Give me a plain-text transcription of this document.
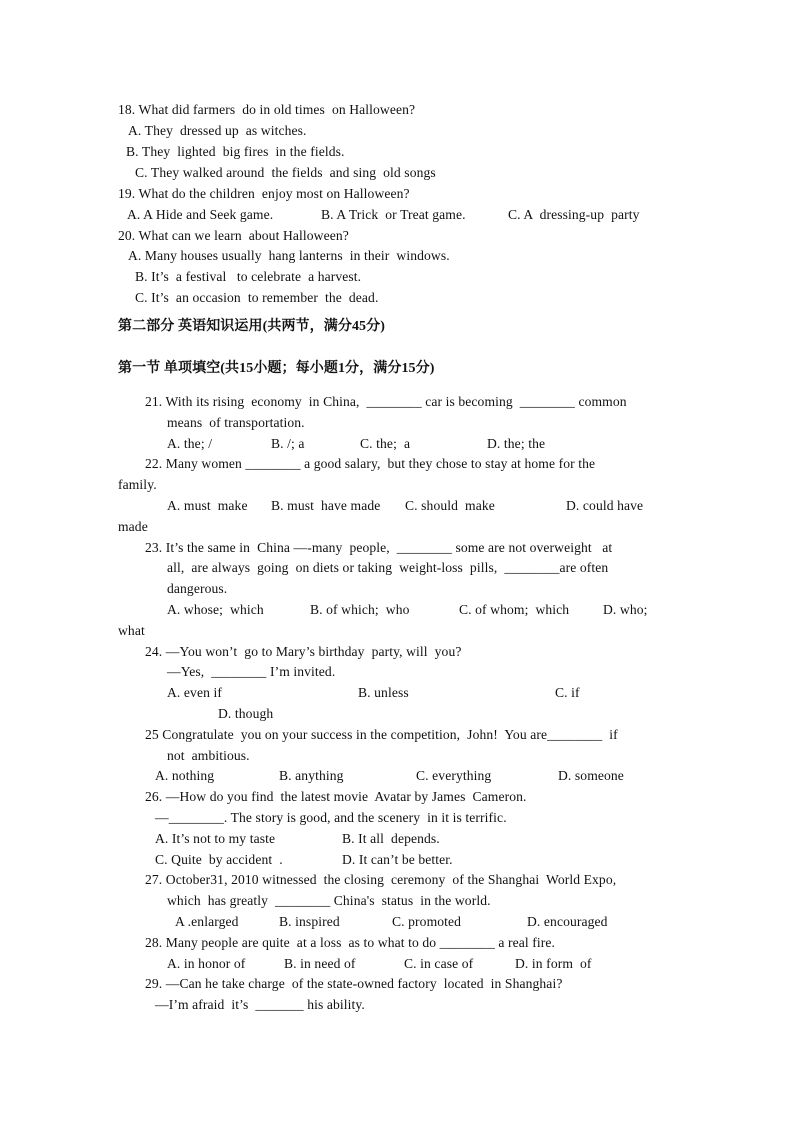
18. What did farmers  do in old times  on Halloween?
A. They  dressed up  as witches.
B. They  lighted  big fires  in the fields.
C. They walked around  the fields  and sing  old songs
19. What do the children  enjoy most on Halloween?
A. A Hide and Seek game.	B. A Trick  or Treat game.	C. A  dressing-up  party
20. What can we learn  about Halloween?
A. Many houses usually  hang lanterns  in their  windows.
B. It’s  a festival   to celebrate  a harvest.
C. It’s  an occasion  to remember  the  dead.
第二部分 英语知识运用(共两节，满分45分)
第一节 单项填空(共15小题；每小题1分，满分15分)
21. With its rising  economy  in China,  ________ car is becoming  ________ common
means  of transportation.
A. the; /	B. /; a	C. the;  a	D. the; the
22. Many women ________ a good salary,  but they chose to stay at home for the
family.
A. must  make B. must  have made C. should  make	D. could have
made
23. It’s the same in  China —-many  people,  ________ some are not overweight   at
all,  are always  going  on diets or taking  weight-loss  pills,  ________are often
dangerous.
A. whose;  which	B. of which;  who	C. of whom;  which D. who;
what
24. —You won’t  go to Mary’s birthday  party, will  you?
—Yes,  ________ I’m invited.
A. even if	B. unless	C. if
D. though
25 Congratulate  you on your success in the competition,  John!  You are________  if
not  ambitious.
A. nothing	B. anything	C. everything	D. someone
26. —How do you find  the latest movie  Avatar by James  Cameron.
—________. The story is good, and the scenery  in it is terrific.
A. It’s not to my taste	B. It all  depends.
C. Quite  by accident  .	D. It can’t be better.
27. October31, 2010 witnessed  the closing  ceremony  of the Shanghai  World Expo,
which  has greatly  ________ China's  status  in the world.
A .enlarged	B. inspired	C. promoted	D. encouraged
28. Many people are quite  at a loss  as to what to do ________ a real fire.
A. in honor of	B. in need of	C. in case of	D. in form  of
29. —Can he take charge  of the state-owned factory  located  in Shanghai?
—I’m afraid  it’s  _______ his ability.
